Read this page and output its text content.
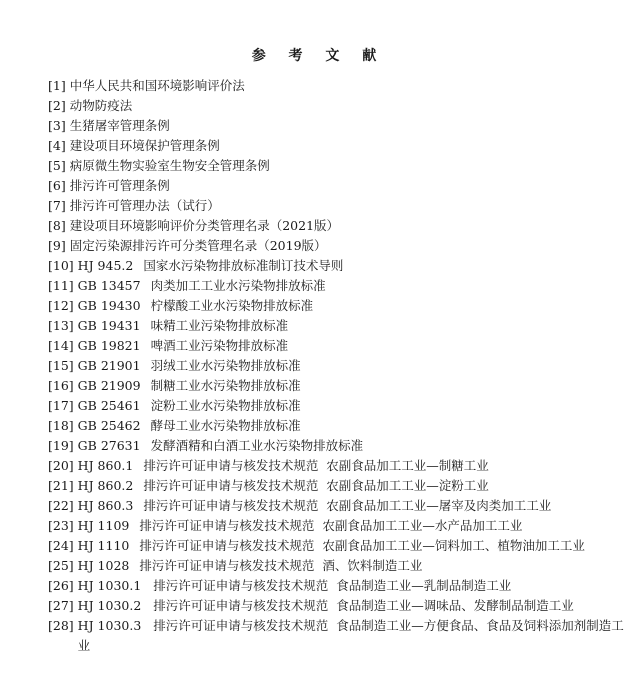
参 考 文 献
[1] 中华人民共和国环境影响评价法
[2] 动物防疫法
[3] 生猪屠宰管理条例
[4] 建设项目环境保护管理条例
[5] 病原微生物实验室生物安全管理条例
[6] 排污许可管理条例
[7] 排污许可管理办法（试行）
[8] 建设项目环境影响评价分类管理名录（2021版）
[9] 固定污染源排污许可分类管理名录（2019版）
[10] HJ 945.2 国家水污染物排放标准制订技术导则
[11] GB 13457 肉类加工工业水污染物排放标准
[12] GB 19430 柠檬酸工业水污染物排放标准
[13] GB 19431 味精工业污染物排放标准
[14] GB 19821 啤酒工业污染物排放标准
[15] GB 21901 羽绒工业水污染物排放标准
[16] GB 21909 制糖工业水污染物排放标准
[17] GB 25461 淀粉工业水污染物排放标准
[18] GB 25462 酵母工业水污染物排放标准
[19] GB 27631 发酵酒精和白酒工业水污染物排放标准
[20] HJ 860.1 排污许可证申请与核发技术规范  农副食品加工工业—制糖工业
[21] HJ 860.2 排污许可证申请与核发技术规范  农副食品加工工业—淀粉工业
[22] HJ 860.3 排污许可证申请与核发技术规范  农副食品加工工业—屠宰及肉类加工工业
[23] HJ 1109 排污许可证申请与核发技术规范  农副食品加工工业—水产品加工工业
[24] HJ 1110 排污许可证申请与核发技术规范  农副食品加工工业—饲料加工、植物油加工工业
[25] HJ 1028 排污许可证申请与核发技术规范  酒、饮料制造工业
[26] HJ 1030.1 排污许可证申请与核发技术规范  食品制造工业—乳制品制造工业
[27] HJ 1030.2 排污许可证申请与核发技术规范  食品制造工业—调味品、发酵制品制造工业
[28] HJ 1030.3 排污许可证申请与核发技术规范  食品制造工业—方便食品、食品及饲料添加剂制造工业
